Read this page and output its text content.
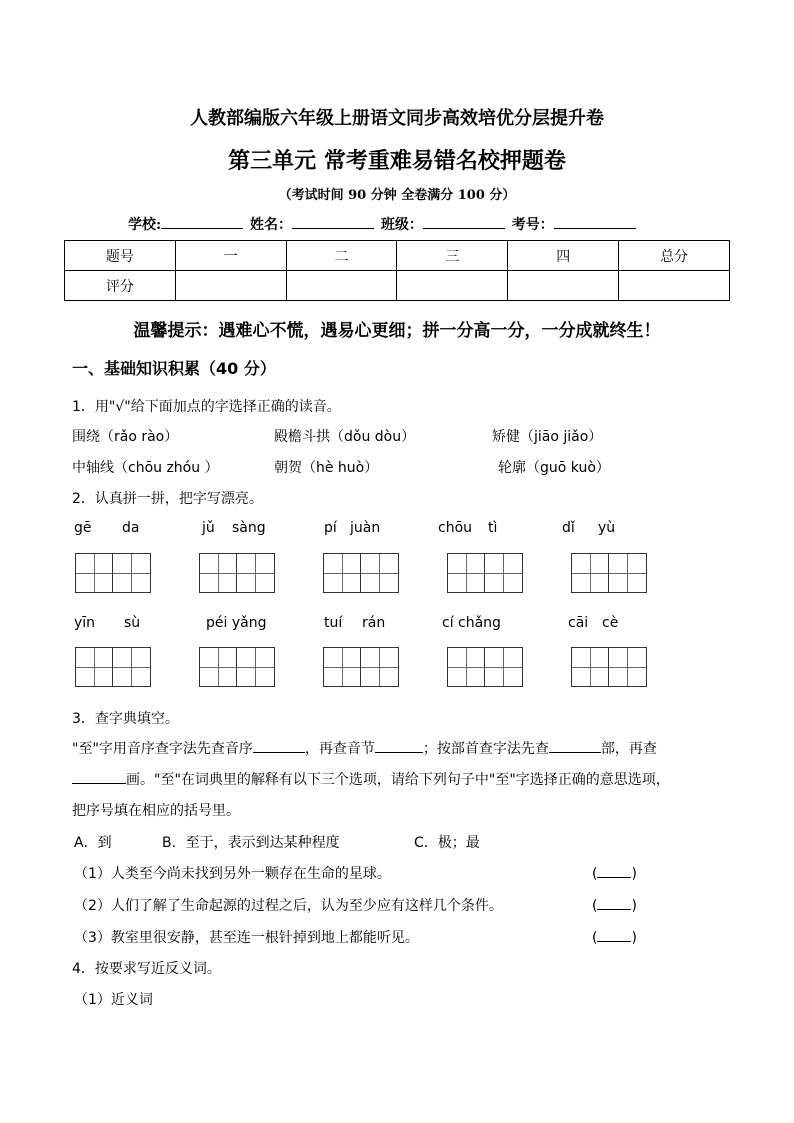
人教部编版六年级上册语文同步高效培优分层提升卷
第三单元 常考重难易错名校押题卷
（考试时间 90 分钟 全卷满分 100 分）
学校:	姓名：	班级：	考号：
题号	一	二	三	四	总分
评分					
温馨提示：遇难心不慌，遇易心更细；拼一分高一分，一分成就终生！
一、基础知识积累（40 分）
1．用"√"给下面加点的字选择正确的读音。
围绕（rǎo rào）	殿檐斗拱（dǒu dòu）	矫健（jiāo jiǎo）
中轴线（chōu zhóu ）	朝贺（hè huò）	轮廓（guō kuò）
2．认真拼一拼，把字写漂亮。
gē da	jǔ sàng	pí juàn	chōu tì	dǐ yù
yīn sù	péi yǎng	tuí rán	cí chǎng	cāi cè
3．查字典填空。
"至"字用音序查字法先查音序	，再查音节	；按部首查字法先查	部，再查
画。"至"在词典里的解释有以下三个选项，请给下列句子中"至"字选择正确的意思选项，
把序号填在相应的括号里。
A．到	B．至于，表示到达某种程度	C．极；最
（1）人类至今尚未找到另外一颗存在生命的星球。	( )
（2）人们了解了生命起源的过程之后，认为至少应有这样几个条件。	( )
（3）教室里很安静，甚至连一根针掉到地上都能听见。	( )
4．按要求写近反义词。
（1）近义词
